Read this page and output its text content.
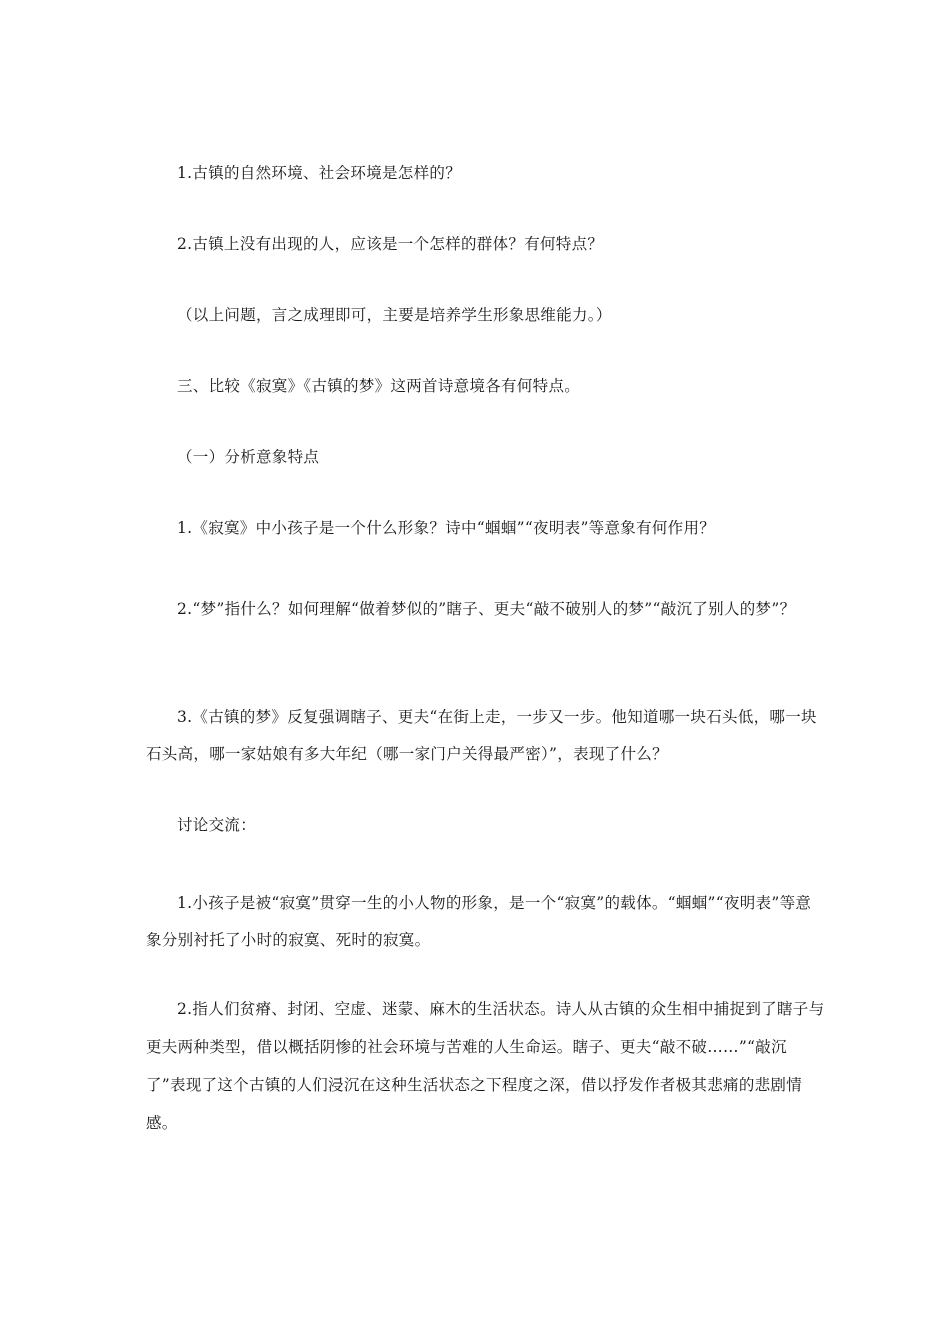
1.古镇的自然环境、社会环境是怎样的？

2.古镇上没有出现的人，应该是一个怎样的群体？有何特点？

（以上问题，言之成理即可，主要是培养学生形象思维能力。）

三、比较《寂寞》《古镇的梦》这两首诗意境各有何特点。

（一）分析意象特点

1.《寂寞》中小孩子是一个什么形象？诗中“蝈蝈”“夜明表”等意象有何作用？

2.“梦”指什么？如何理解“做着梦似的”瞎子、更夫“敲不破别人的梦”“敲沉了别人的梦”？

3.《古镇的梦》反复强调瞎子、更夫“在街上走，一步又一步。他知道哪一块石头低，哪一块石头高，哪一家姑娘有多大年纪（哪一家门户关得最严密）”，表现了什么？

讨论交流：

1.小孩子是被“寂寞”贯穿一生的小人物的形象，是一个“寂寞”的载体。“蝈蝈”“夜明表”等意象分别衬托了小时的寂寞、死时的寂寞。

2.指人们贫瘠、封闭、空虚、迷蒙、麻木的生活状态。诗人从古镇的众生相中捕捉到了瞎子与更夫两种类型，借以概括阴惨的社会环境与苦难的人生命运。瞎子、更夫“敲不破……”“敲沉了”表现了这个古镇的人们浸沉在这种生活状态之下程度之深，借以抒发作者极其悲痛的悲剧情感。
